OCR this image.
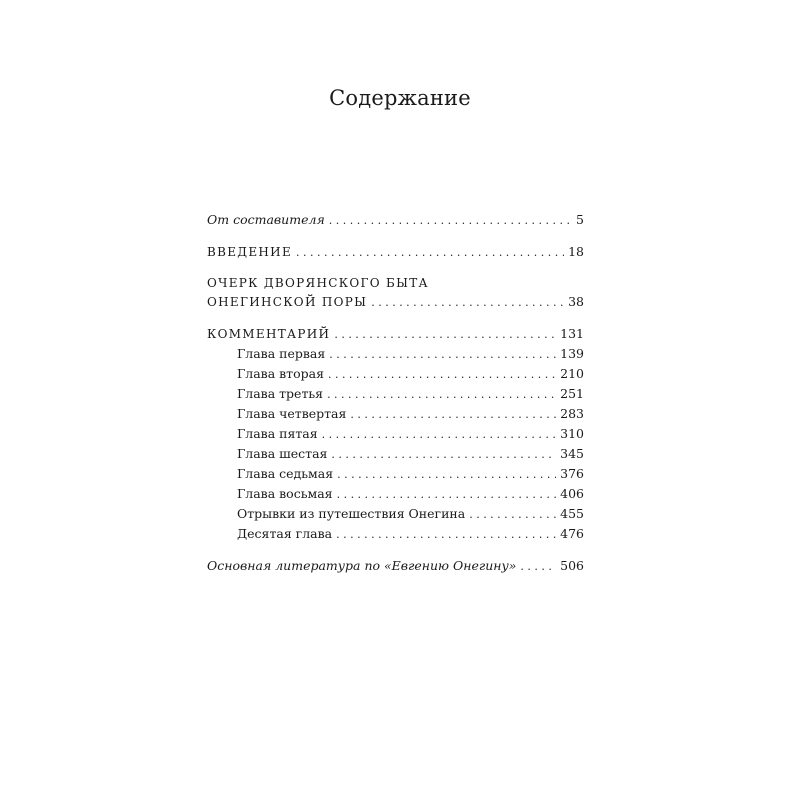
Содержание
От составителя . . .	5
ВВЕДЕНИЕ . . .	18
ОЧЕРК ДВОРЯНСКОГО БЫТА
ОНЕГИНСКОЙ ПОРЫ . . .	38
КОММЕНТАРИЙ . . .	131
Глава первая . . .	139
Глава вторая . . .	210
Глава третья . . .	251
Глава четвертая . . .	283
Глава пятая . . .	310
Глава шестая . . .	345
Глава седьмая . . .	376
Глава восьмая . . .	406
Отрывки из путешествия Онегина . . .	455
Десятая глава . . .	476
Основная литература по «Евгению Онегину» . . .	506
